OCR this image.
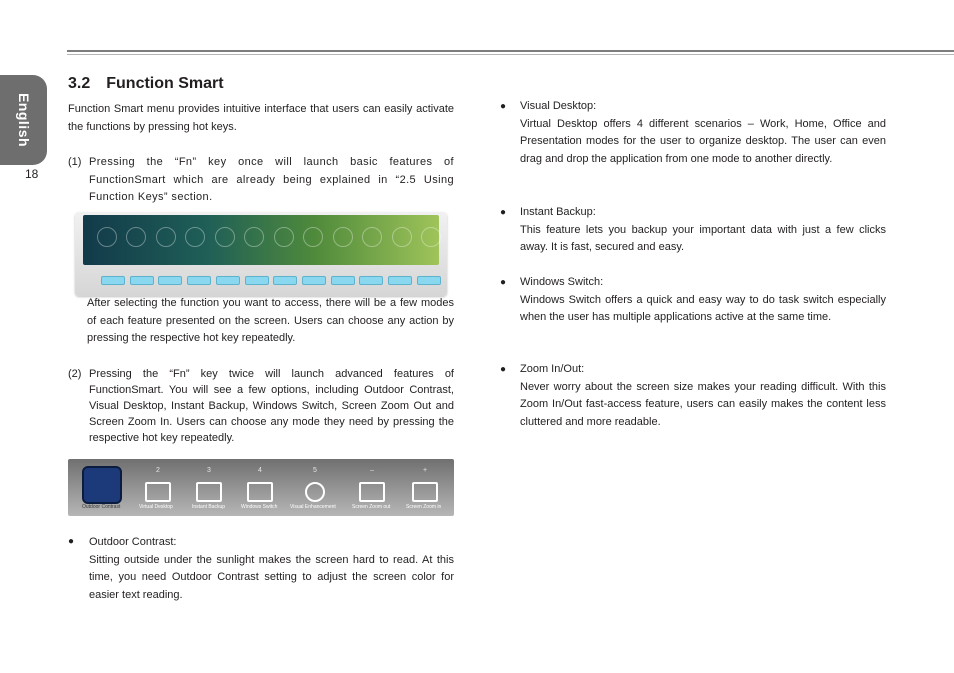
English
18
3.2 Function Smart
Function Smart menu provides intuitive interface that users can easily activate the functions by pressing hot keys.
(1) Pressing the “Fn” key once will launch basic features of FunctionSmart which are already being explained in “2.5 Using Function Keys” section.
After selecting the function you want to access, there will be a few modes of each feature presented on the screen. Users can choose any action by pressing the respective hot key repeatedly.
(2) Pressing the “Fn” key twice will launch advanced features of FunctionSmart. You will see a few options, including Outdoor Contrast, Visual Desktop, Instant Backup, Windows Switch, Screen Zoom Out and Screen Zoom In. Users can choose any mode they need by pressing the respective hot key repeatedly.
Outdoor Contrast
2
Virtual Desktop
3
Instant Backup
4
Windows Switch
5
Visual Enhancement
–
Screen Zoom out
+
Screen Zoom in
● Outdoor Contrast:
Sitting outside under the sunlight makes the screen hard to read. At this time, you need Outdoor Contrast setting to adjust the screen color for easier text reading.
● Visual Desktop:
Virtual Desktop offers 4 different scenarios – Work, Home, Office and Presentation modes for the user to organize desktop. The user can even drag and drop the application from one mode to another directly.
● Instant Backup:
This feature lets you backup your important data with just a few clicks away. It is fast, secured and easy.
● Windows Switch:
Windows Switch offers a quick and easy way to do task switch especially when the user has multiple applications active at the same time.
● Zoom In/Out:
Never worry about the screen size makes your reading difficult. With this Zoom In/Out fast-access feature, users can easily makes the content less cluttered and more readable.
